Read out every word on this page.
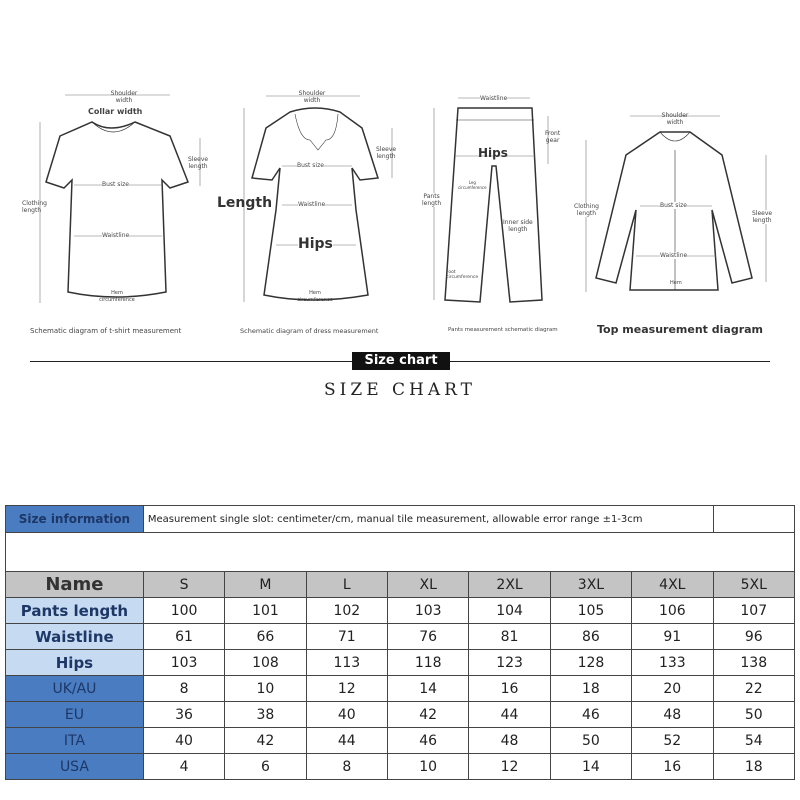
Shoulder
width
Collar width
Sleeve
length
Bust size
Clothing
length
Waistline
Hem
circumference
Schematic diagram of t-shirt measurement
Shoulder
width
Sleeve
length
Bust size
Length	Waistline
Hips
Hem
circumference
Schematic diagram of dress measurement
Waistline
Front
gear
Hips
Pants
length
Leg
circumference
Inner side
length
Foot
circumference
Pants measurement schematic diagram
Shoulder
width
Clothing
length
Bust size
Sleeve
length
Waistline
Hem
Top measurement diagram
Size chart
SIZE CHART
Size information	Measurement single slot: centimeter/cm, manual tile measurement, allowable error range ±1-3cm							

Name	S	M	L	XL	2XL	3XL	4XL	5XL
Pants length	100	101	102	103	104	105	106	107
Waistline	61	66	71	76	81	86	91	96
Hips	103	108	113	118	123	128	133	138
UK/AU	8	10	12	14	16	18	20	22
EU	36	38	40	42	44	46	48	50
ITA	40	42	44	46	48	50	52	54
USA	4	6	8	10	12	14	16	18
